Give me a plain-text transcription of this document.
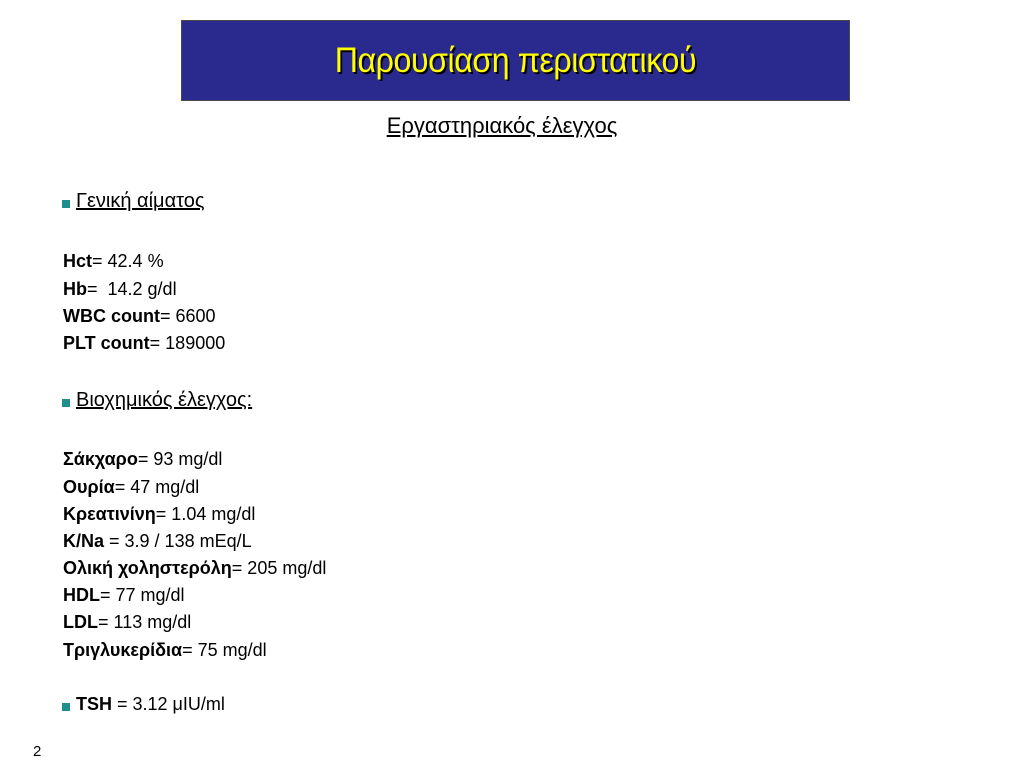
Παρουσίαση περιστατικού
Εργαστηριακός έλεγχος
Γενική αίματος
Hct= 42.4 %
Hb=  14.2 g/dl
WBC count= 6600
PLT count= 189000
Βιοχημικός έλεγχος:
Σάκχαρο= 93 mg/dl
Ουρία= 47 mg/dl
Κρεατινίνη= 1.04 mg/dl
K/Na = 3.9 / 138 mEq/L
Ολική χοληστερόλη= 205 mg/dl
HDL= 77 mg/dl
LDL= 113 mg/dl
Τριγλυκερίδια= 75 mg/dl
TSH = 3.12 μIU/ml
2
